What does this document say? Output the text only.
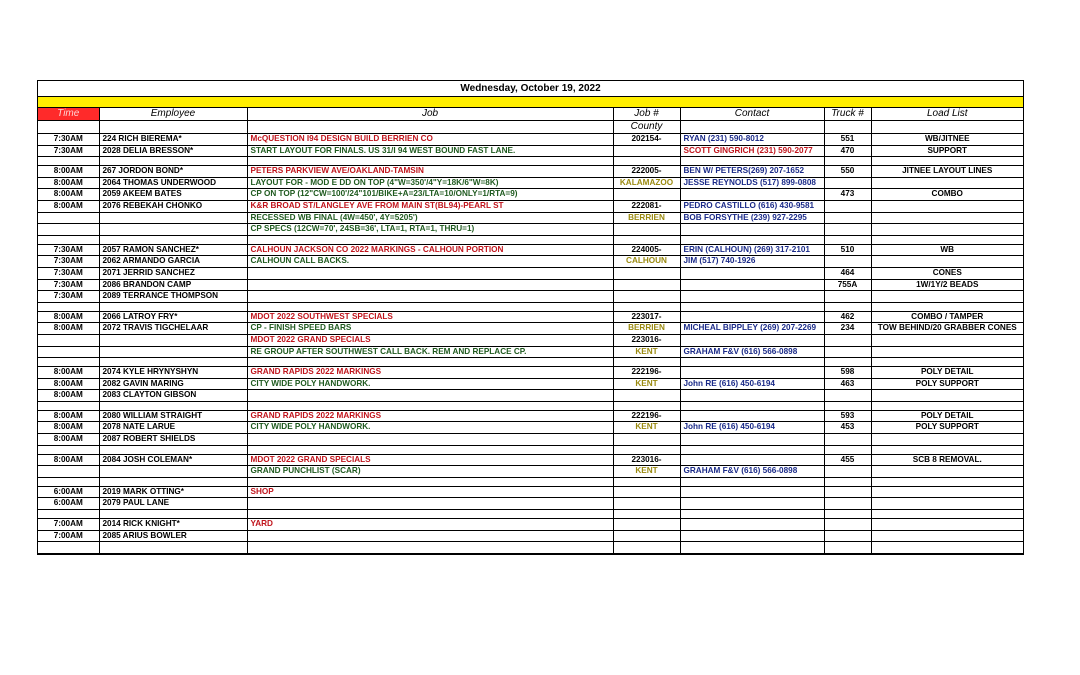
Wednesday, October 19, 2022
Time	Employee	Job	Job #	Contact	Truck #	Load List
			County			
7:30AM	224 RICH BIEREMA*	McQUESTION I94 DESIGN BUILD BERRIEN CO	202154-	RYAN (231) 590-8012	551	WB/JITNEE
7:30AM	2028 DELIA BRESSON*	START LAYOUT FOR FINALS. US 31/I 94 WEST BOUND FAST LANE.		SCOTT GINGRICH (231) 590-2077	470	SUPPORT

8:00AM	267 JORDON BOND*	PETERS PARKVIEW AVE/OAKLAND-TAMSIN	222005-	BEN W/ PETERS(269) 207-1652	550	JITNEE LAYOUT LINES
8:00AM	2064 THOMAS UNDERWOOD	LAYOUT FOR - MOD E DD ON TOP (4"W=350'/4"Y=18K/6"W=8K)	KALAMAZOO	JESSE REYNOLDS (517) 899-0808		
8:00AM	2059 AKEEM BATES	CP ON TOP (12"CW=100'/24"101/BIKE+A=23/LTA=10/ONLY=1/RTA=9)			473	COMBO
8:00AM	2076 REBEKAH CHONKO	K&R BROAD ST/LANGLEY AVE FROM MAIN ST(BL94)-PEARL ST	222081-	PEDRO CASTILLO (616) 430-9581		
		RECESSED WB FINAL (4W=450', 4Y=5205')	BERRIEN	BOB FORSYTHE (239) 927-2295		
		CP SPECS (12CW=70', 24SB=36', LTA=1, RTA=1, THRU=1)				

7:30AM	2057 RAMON SANCHEZ*	CALHOUN JACKSON CO 2022 MARKINGS - CALHOUN PORTION	224005-	ERIN (CALHOUN) (269) 317-2101	510	WB
7:30AM	2062 ARMANDO GARCIA	CALHOUN CALL BACKS.	CALHOUN	JIM (517) 740-1926		
7:30AM	2071 JERRID SANCHEZ				464	CONES
7:30AM	2086 BRANDON CAMP				755A	1W/1Y/2 BEADS
7:30AM	2089 TERRANCE THOMPSON					

8:00AM	2066 LATROY FRY*	MDOT 2022 SOUTHWEST SPECIALS	223017-		462	COMBO / TAMPER
8:00AM	2072 TRAVIS TIGCHELAAR	CP - FINISH SPEED BARS	BERRIEN	MICHEAL BIPPLEY (269) 207-2269	234	TOW BEHIND/20 GRABBER CONES
		MDOT 2022 GRAND SPECIALS	223016-			
		RE GROUP AFTER SOUTHWEST CALL BACK. REM AND REPLACE CP.	KENT	GRAHAM F&V (616) 566-0898		

8:00AM	2074 KYLE HRYNYSHYN	GRAND RAPIDS 2022 MARKINGS	222196-		598	POLY DETAIL
8:00AM	2082 GAVIN MARING	CITY WIDE POLY HANDWORK.	KENT	John RE (616) 450-6194	463	POLY SUPPORT
8:00AM	2083 CLAYTON GIBSON					

8:00AM	2080 WILLIAM STRAIGHT	GRAND RAPIDS 2022 MARKINGS	222196-		593	POLY DETAIL
8:00AM	2078 NATE LARUE	CITY WIDE POLY HANDWORK.	KENT	John RE (616) 450-6194	453	POLY SUPPORT
8:00AM	2087 ROBERT SHIELDS					

8:00AM	2084 JOSH COLEMAN*	MDOT 2022 GRAND SPECIALS	223016-		455	SCB 8 REMOVAL.
		GRAND PUNCHLIST (SCAR)	KENT	GRAHAM F&V (616) 566-0898		

6:00AM	2019 MARK OTTING*	SHOP				
6:00AM	2079 PAUL LANE					

7:00AM	2014 RICK KNIGHT*	YARD				
7:00AM	2085 ARIUS BOWLER					
